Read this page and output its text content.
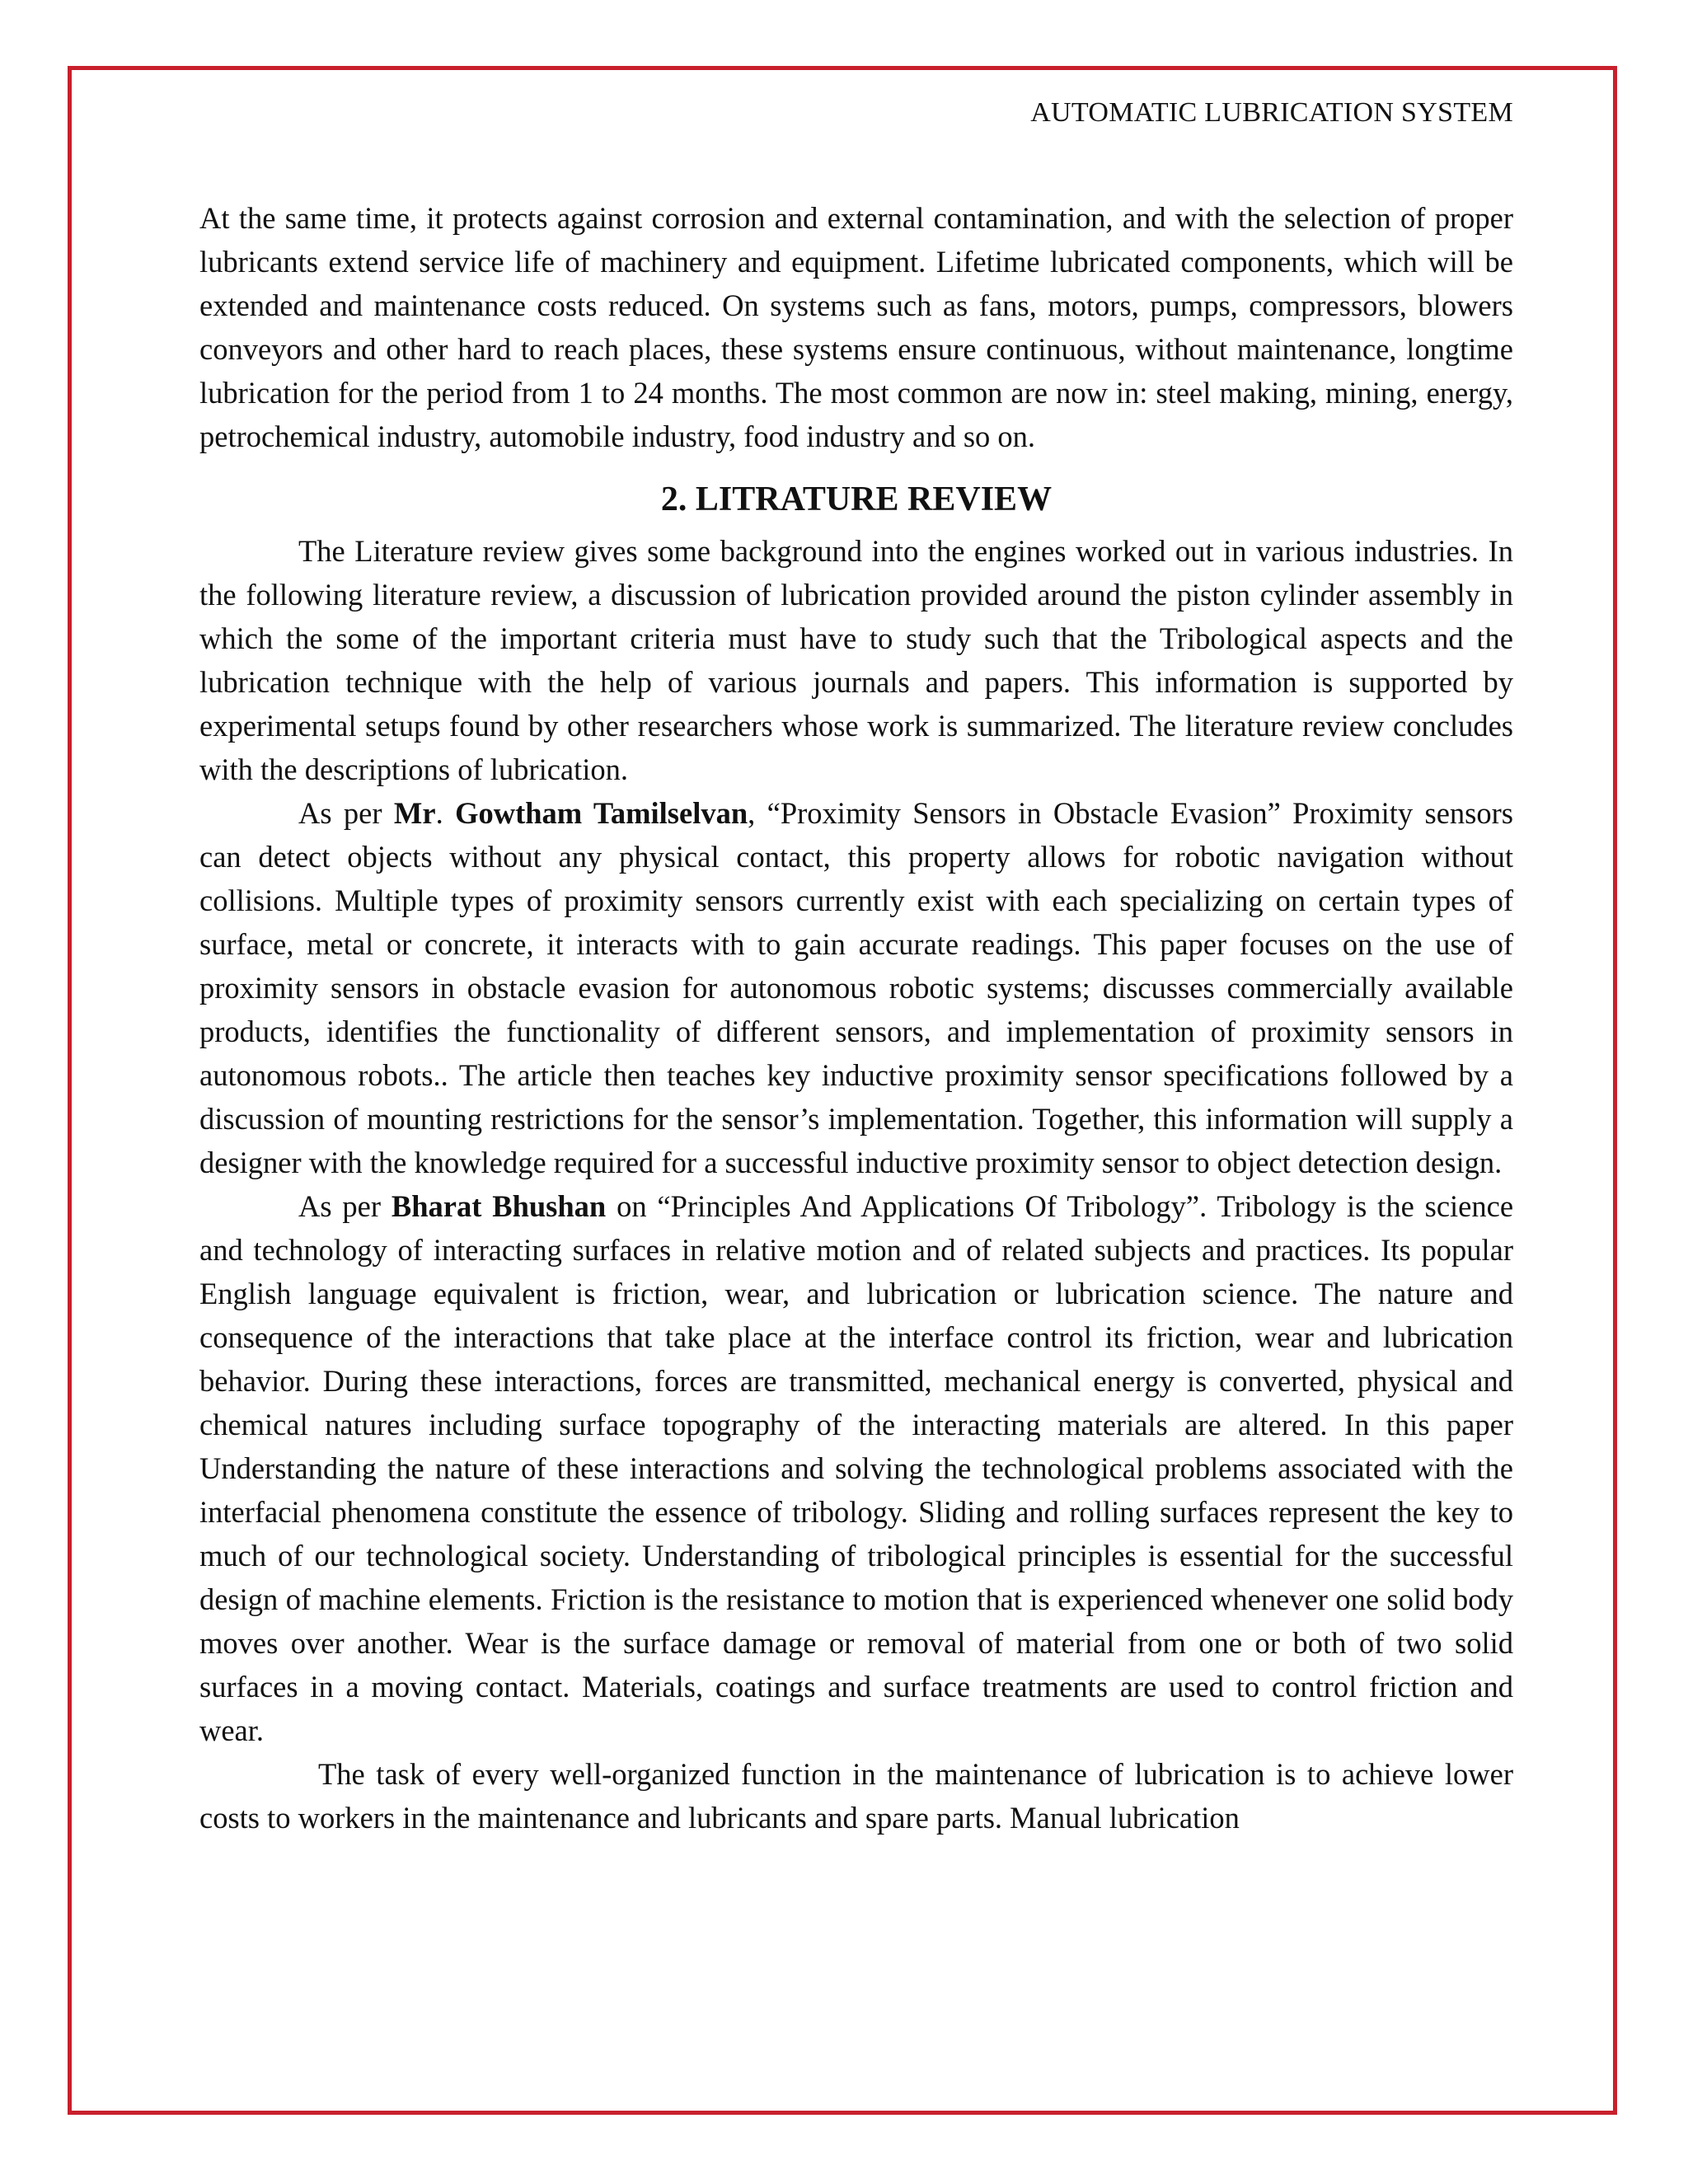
AUTOMATIC LUBRICATION SYSTEM

At the same time, it protects against corrosion and external contamination, and with the selection of proper lubricants extend service life of machinery and equipment. Lifetime lubricated components, which will be extended and maintenance costs reduced. On systems such as fans, motors, pumps, compressors, blowers conveyors and other hard to reach places, these systems ensure continuous, without maintenance, longtime lubrication for the period from 1 to 24 months. The most common are now in: steel making, mining, energy, petrochemical industry, automobile industry, food industry and so on.

2. LITRATURE REVIEW

The Literature review gives some background into the engines worked out in various industries. In the following literature review, a discussion of lubrication provided around the piston cylinder assembly in which the some of the important criteria must have to study such that the Tribological aspects and the lubrication technique with the help of various journals and papers. This information is supported by experimental setups found by other researchers whose work is summarized. The literature review concludes with the descriptions of lubrication.

As per Mr. Gowtham Tamilselvan, “Proximity Sensors in Obstacle Evasion” Proximity sensors can detect objects without any physical contact, this property allows for robotic navigation without collisions. Multiple types of proximity sensors currently exist with each specializing on certain types of surface, metal or concrete, it interacts with to gain accurate readings. This paper focuses on the use of proximity sensors in obstacle evasion for autonomous robotic systems; discusses commercially available products, identifies the functionality of different sensors, and implementation of proximity sensors in autonomous robots.. The article then teaches key inductive proximity sensor specifications followed by a discussion of mounting restrictions for the sensor’s implementation. Together, this information will supply a designer with the knowledge required for a successful inductive proximity sensor to object detection design.

As per Bharat Bhushan on “Principles And Applications Of Tribology”. Tribology is the science and technology of interacting surfaces in relative motion and of related subjects and practices. Its popular English language equivalent is friction, wear, and lubrication or lubrication science. The nature and consequence of the interactions that take place at the interface control its friction, wear and lubrication behavior. During these interactions, forces are transmitted, mechanical energy is converted, physical and chemical natures including surface topography of the interacting materials are altered. In this paper Understanding the nature of these interactions and solving the technological problems associated with the interfacial phenomena constitute the essence of tribology. Sliding and rolling surfaces represent the key to much of our technological society. Understanding of tribological principles is essential for the successful design of machine elements. Friction is the resistance to motion that is experienced whenever one solid body moves over another. Wear is the surface damage or removal of material from one or both of two solid surfaces in a moving contact. Materials, coatings and surface treatments are used to control friction and wear.

The task of every well-organized function in the maintenance of lubrication is to achieve lower costs to workers in the maintenance and lubricants and spare parts. Manual lubrication
